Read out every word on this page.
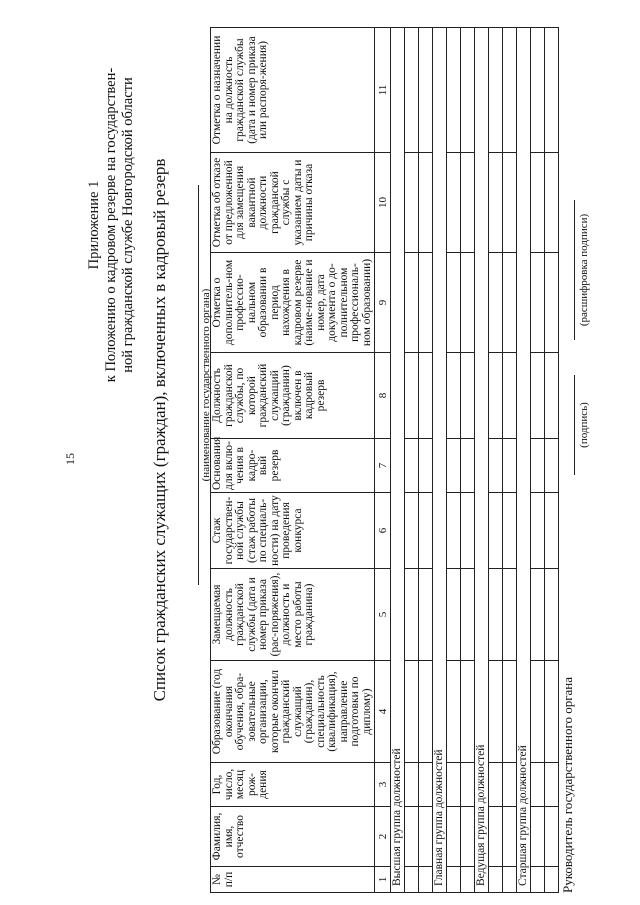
15
Приложение 1 к Положению о кадровом резерве на государствен- ной гражданской службе Новгородской области Список гражданских служащих (граждан), включенных в кадровый резерв	(наименование государственного органа)
№ п/п	Фамилия, имя, отчество	Год, число, месяц рож-дения	Образование (год окончания обучения, обра-зовательные организации, которые окончил гражданский служащий (гражданин), специальность (квалификация), направление подготовки по диплому)	Замещаемая должность гражданской службы (дата и номер приказа (рас-поряжения), должность и место работы гражданина)	Стаж государствен-ной службы (стаж работы по специаль-ности) на дату проведения конкурса	Основания для вклю-чения в кадро-вый резерв	Должность гражданской службы, по которой гражданский служащий (гражданин) включен в кадровый резерв	Отметка о дополнитель-ном профессио-нальном образовании в период нахождения в кадровом резерве (наиме-нование и номер, дата документа о до-полнительном профессиональ-ном образовании)	Отметка об отказе от предложенной для замещения вакантной должности гражданской службы с указанием даты и причины отказа	Отметка о назначении на должность гражданской службы (дата и номер приказа или распоря-жения)
1	2	3	4	5	6	7	8	9	10	11
Высшая группа должностей										

Главная группа должностей										

Ведущая группа должностей										

Старшая группа должностей										

										Руководитель государственного органа
(подпись)
(расшифровка подписи)
